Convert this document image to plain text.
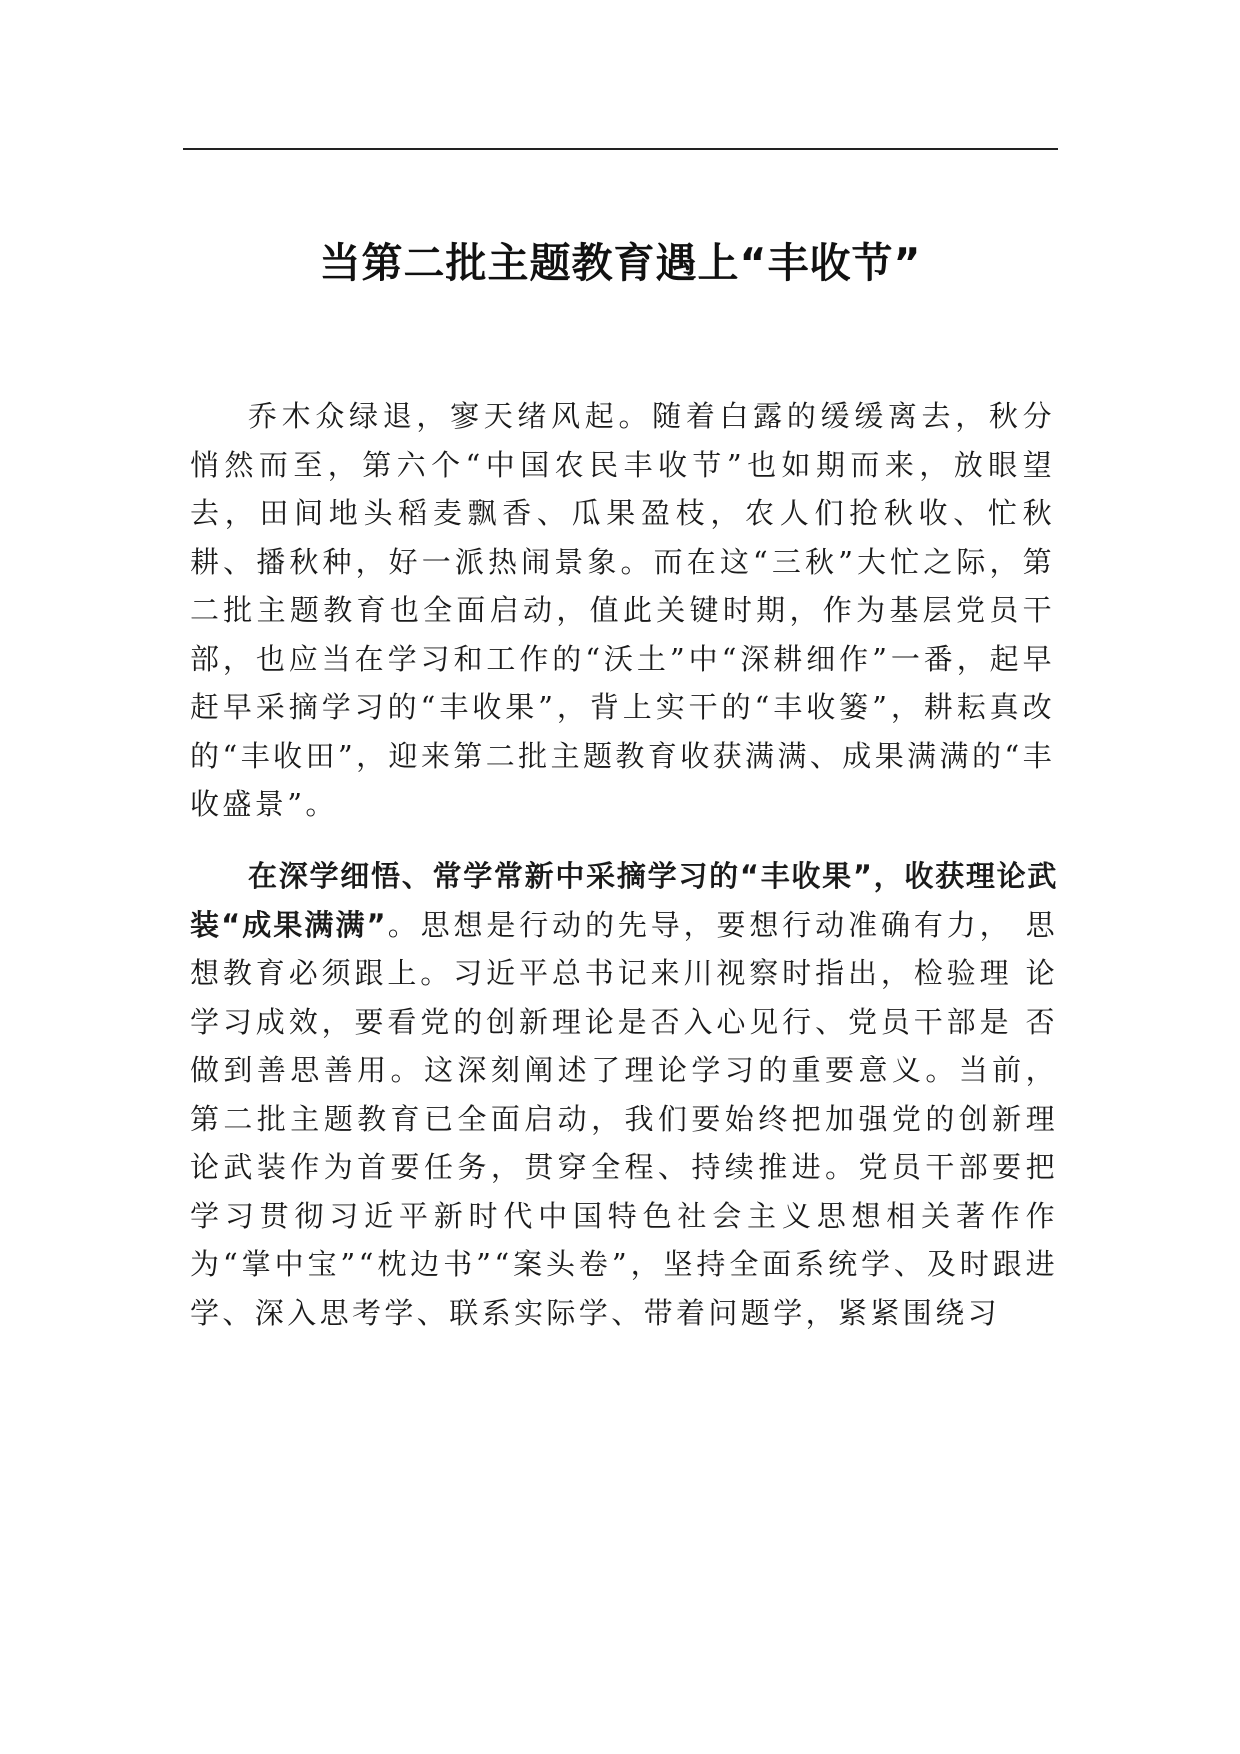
当第二批主题教育遇上“丰收节”

乔木众绿退，寥天绪风起。随着白露的缓缓离去，秋分悄然而至，第六个“中国农民丰收节”也如期而来，放眼望去，田间地头稻麦飘香、瓜果盈枝，农人们抢秋收、忙秋耕、播秋种，好一派热闹景象。而在这“三秋”大忙之际，第二批主题教育也全面启动，值此关键时期，作为基层党员干部，也应当在学习和工作的“沃土”中“深耕细作”一番，起早赶早采摘学习的“丰收果”，背上实干的“丰收篓”，耕耘真改的“丰收田”，迎来第二批主题教育收获满满、成果满满的“丰收盛景”。

在深学细悟、常学常新中采摘学习的“丰收果”，收获理论武装“成果满满”。思想是行动的先导，要想行动准确有力， 思想教育必须跟上。习近平总书记来川视察时指出，检验理 论学习成效，要看党的创新理论是否入心见行、党员干部是 否做到善思善用。这深刻阐述了理论学习的重要意义。当前， 第二批主题教育已全面启动，我们要始终把加强党的创新理 论武装作为首要任务，贯穿全程、持续推进。党员干部要把 学习贯彻习近平新时代中国特色社会主义思想相关著作作 为“掌中宝”“枕边书”“案头卷”，坚持全面系统学、及时跟进学、深入思考学、联系实际学、带着问题学，紧紧围绕习
